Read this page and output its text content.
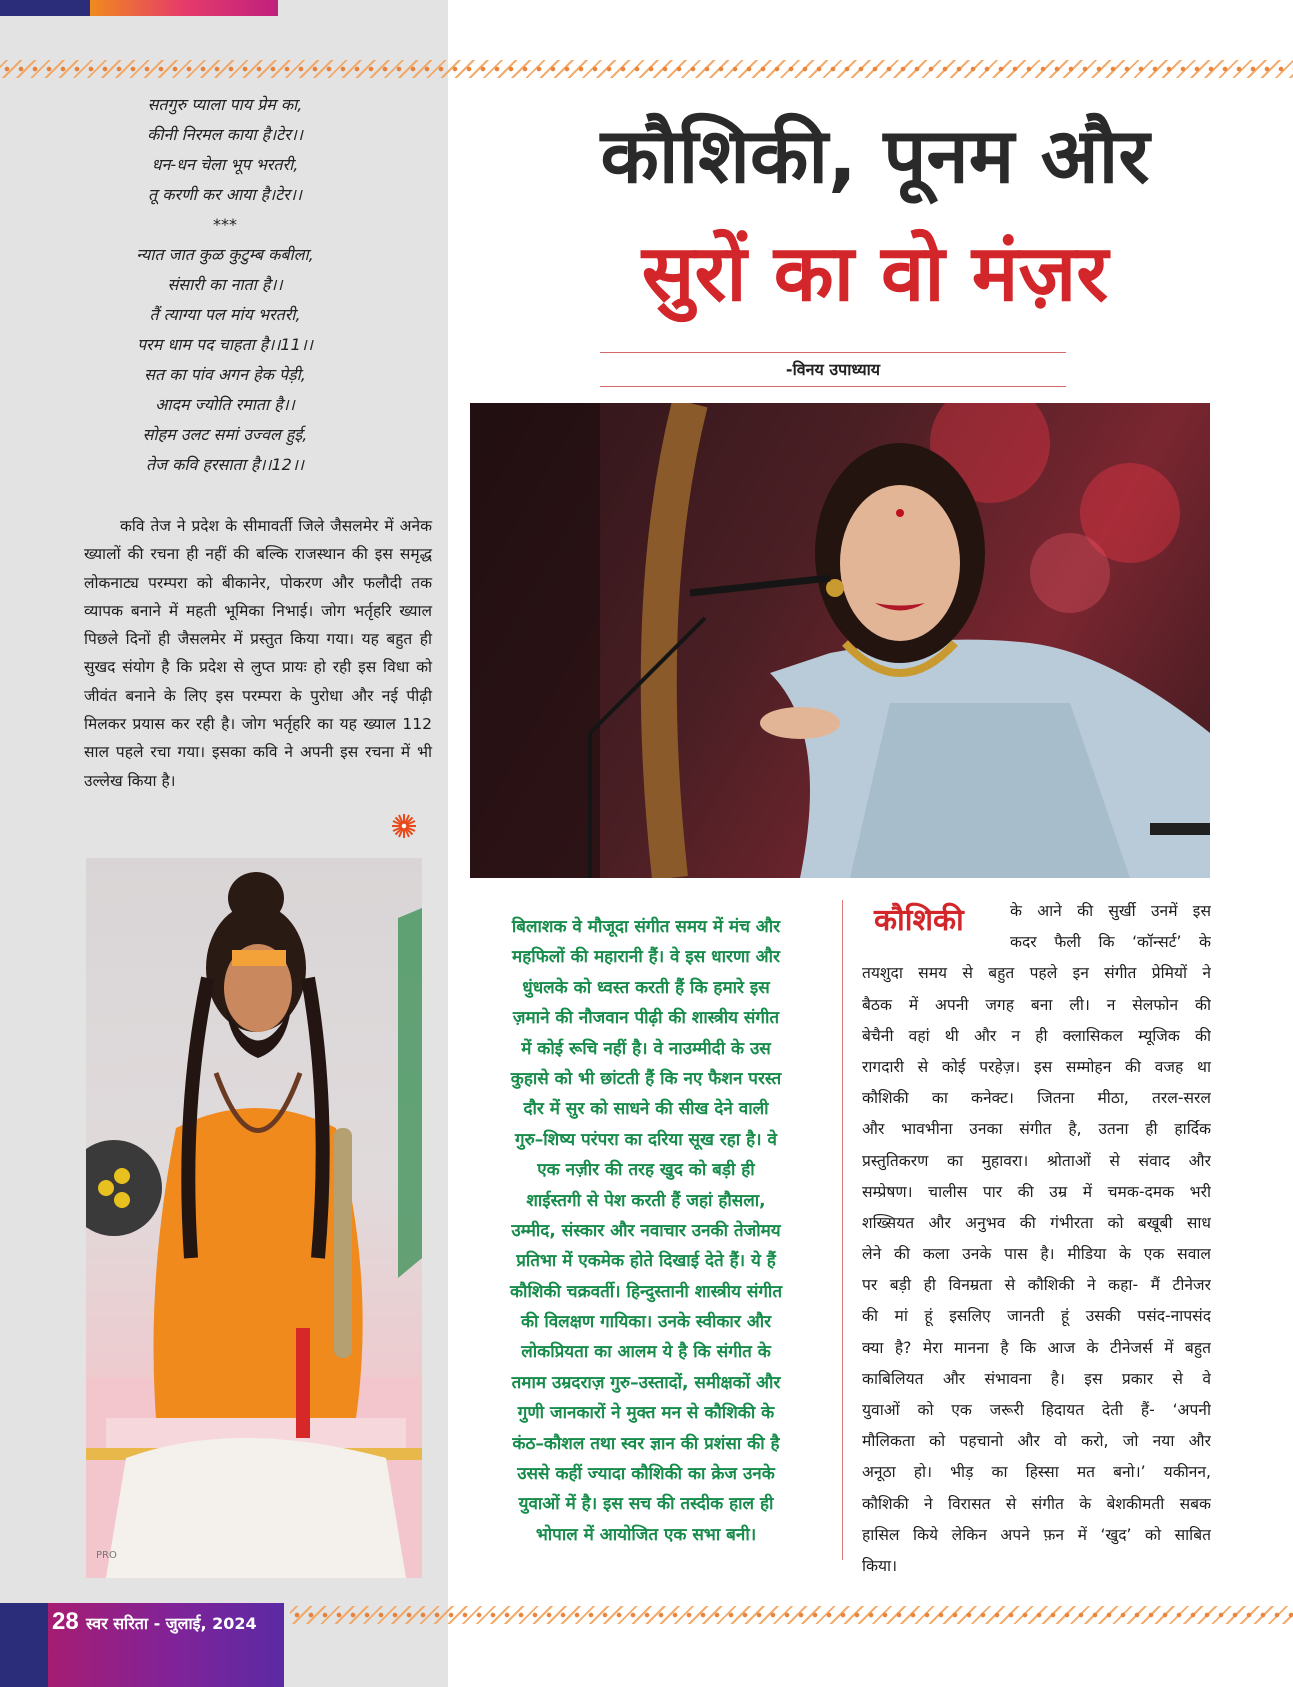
सतगुरु प्याला पाय प्रेम का,
कीनी निरमल काया है।टेर।।
धन-धन चेला भूप भरतरी,
तू करणी कर आया है।टेर।।
***
न्यात जात कुळ कुटुम्ब कबीला,
संसारी का नाता है।।
तैं त्याग्या पल मांय भरतरी,
परम धाम पद चाहता है।।11।।
सत का पांव अगन हेक पेड़ी,
आदम ज्योति रमाता है।।
सोहम उलट समां उज्वल हुई,
तेज कवि हरसाता है।।12।।

कवि तेज ने प्रदेश के सीमावर्ती जिले जैसलमेर में अनेक ख्यालों की रचना ही नहीं की बल्कि राजस्थान की इस समृद्ध लोकनाट्य परम्परा को बीकानेर, पोकरण और फलौदी तक व्यापक बनाने में महती भूमिका निभाई। जोग भर्तृहरि ख्याल पिछले दिनों ही जैसलमेर में प्रस्तुत किया गया। यह बहुत ही सुखद संयोग है कि प्रदेश से लुप्त प्रायः हो रही इस विधा को जीवंत बनाने के लिए इस परम्परा के पुरोधा और नई पीढ़ी मिलकर प्रयास कर रही है। जोग भर्तृहरि का यह ख्याल 112 साल पहले रचा गया। इसका कवि ने अपनी इस रचना में भी उल्लेख किया है।

PRO
28 स्वर सरिता - जुलाई, 2024
कौशिकी, पूनम और
सुरों का वो मंज़र
-विनय उपाध्याय
बिलाशक वे मौजूदा संगीत समय में मंच और
महफिलों की महारानी हैं। वे इस धारणा और
धुंधलके को ध्वस्त करती हैं कि हमारे इस
ज़माने की नौजवान पीढ़ी की शास्त्रीय संगीत
में कोई रूचि नहीं है। वे नाउम्मीदी के उस
कुहासे को भी छांटती हैं कि नए फैशन परस्त
दौर में सुर को साधने की सीख देने वाली
गुरु–शिष्य परंपरा का दरिया सूख रहा है। वे
एक नज़ीर की तरह खुद को बड़ी ही
शाईस्तगी से पेश करती हैं जहां हौसला,
उम्मीद, संस्कार और नवाचार उनकी तेजोमय
प्रतिभा में एकमेक होते दिखाई देते हैं। ये हैं
कौशिकी चक्रवर्ती। हिन्दुस्तानी शास्त्रीय संगीत
की विलक्षण गायिका। उनके स्वीकार और
लोकप्रियता का आलम ये है कि संगीत के
तमाम उम्रदराज़ गुरु–उस्तादों, समीक्षकों और
गुणी जानकारों ने मुक्त मन से कौशिकी के
कंठ–कौशल तथा स्वर ज्ञान की प्रशंसा की है
उससे कहीं ज्यादा कौशिकी का क्रेज उनके
युवाओं में है। इस सच की तस्दीक हाल ही
भोपाल में आयोजित एक सभा बनी।
कौशिकी	के आने की सुर्खी उनमें इस
कदर फैली कि ‘कॉन्सर्ट’ के
तयशुदा समय से बहुत पहले इन संगीत प्रेमियों ने
बैठक में अपनी जगह बना ली। न सेलफोन की
बेचैनी वहां थी और न ही क्लासिकल म्यूजिक की
रागदारी से कोई परहेज़। इस सम्मोहन की वजह था
कौशिकी का कनेक्ट। जितना मीठा, तरल-सरल
और भावभीना उनका संगीत है, उतना ही हार्दिक
प्रस्तुतिकरण का मुहावरा। श्रोताओं से संवाद और
सम्प्रेषण। चालीस पार की उम्र में चमक-दमक भरी
शख्सियत और अनुभव की गंभीरता को बखूबी साध
लेने की कला उनके पास है। मीडिया के एक सवाल
पर बड़ी ही विनम्रता से कौशिकी ने कहा- मैं टीनेजर
की मां हूं इसलिए जानती हूं उसकी पसंद-नापसंद
क्या है? मेरा मानना है कि आज के टीनेजर्स में बहुत
काबिलियत और संभावना है। इस प्रकार से वे
युवाओं को एक जरूरी हिदायत देती हैं- ‘अपनी
मौलिकता को पहचानो और वो करो, जो नया और
अनूठा हो। भीड़ का हिस्सा मत बनो।’ यकीनन,
कौशिकी ने विरासत से संगीत के बेशकीमती सबक
हासिल किये लेकिन अपने फ़न में ‘खुद’ को साबित
किया।
